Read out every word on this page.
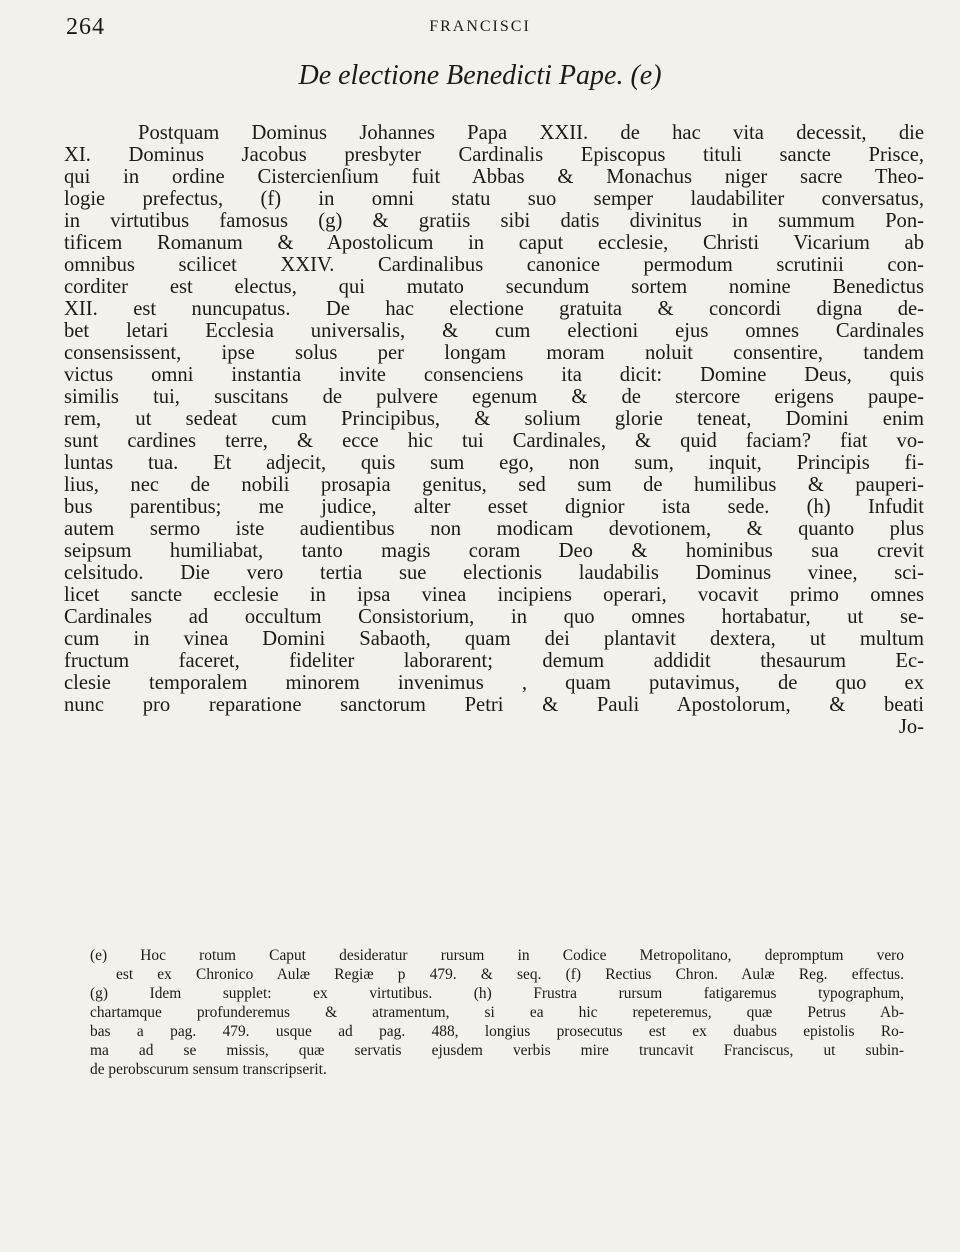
264	FRANCISCI
De electione Benedicti Pape. (e)
Postquam Dominus Johannes Papa XXII. de hac vita decessit, die
XI. Dominus Jacobus presbyter Cardinalis Episcopus tituli sancte Prisce,
qui in ordine Cistercienſium fuit Abbas & Monachus niger sacre Theo-
logie prefectus, (f) in omni statu suo semper laudabiliter conversatus,
in virtutibus famosus (g) & gratiis sibi datis divinitus in summum Pon-
tificem Romanum & Apostolicum in caput ecclesie, Christi Vicarium ab
omnibus scilicet XXIV. Cardinalibus canonice permodum scrutinii con-
corditer est electus, qui mutato secundum sortem nomine Benedictus
XII. est nuncupatus. De hac electione gratuita & concordi digna de-
bet letari Ecclesia universalis, & cum electioni ejus omnes Cardinales
consensissent, ipse solus per longam moram noluit consentire, tandem
victus omni instantia invite consenciens ita dicit: Domine Deus, quis
similis tui, suscitans de pulvere egenum & de stercore erigens paupe-
rem, ut sedeat cum Principibus, & solium glorie teneat, Domini enim
sunt cardines terre, & ecce hic tui Cardinales, & quid faciam? fiat vo-
luntas tua. Et adjecit, quis sum ego, non sum, inquit, Principis fi-
lius, nec de nobili prosapia genitus, sed sum de humilibus & pauperi-
bus parentibus; me judice, alter esset dignior ista sede. (h) Infudit
autem sermo iste audientibus non modicam devotionem, & quanto plus
seipsum humiliabat, tanto magis coram Deo & hominibus sua crevit
celsitudo. Die vero tertia sue electionis laudabilis Dominus vinee, sci-
licet sancte ecclesie in ipsa vinea incipiens operari, vocavit primo omnes
Cardinales ad occultum Consistorium, in quo omnes hortabatur, ut se-
cum in vinea Domini Sabaoth, quam dei plantavit dextera, ut multum
fructum faceret, fideliter laborarent; demum addidit thesaurum Ec-
clesie temporalem minorem invenimus , quam putavimus, de quo ex
nunc pro reparatione sanctorum Petri & Pauli Apostolorum, & beati
Jo-
(e) Hoc rotum Caput desideratur rursum in Codice Metropolitano, depromptum vero
est ex Chronico Aulæ Regiæ p 479. & seq. (f) Rectius Chron. Aulæ Reg. effectus.
(g) Idem supplet: ex virtutibus. (h) Frustra rursum fatigaremus typographum,
chartamque profunderemus & atramentum, si ea hic repeteremus, quæ Petrus Ab-
bas a pag. 479. usque ad pag. 488, longius prosecutus est ex duabus epistolis Ro-
ma ad se missis, quæ servatis ejusdem verbis mire truncavit Franciscus, ut subin-
de perobscurum sensum transcripserit.
